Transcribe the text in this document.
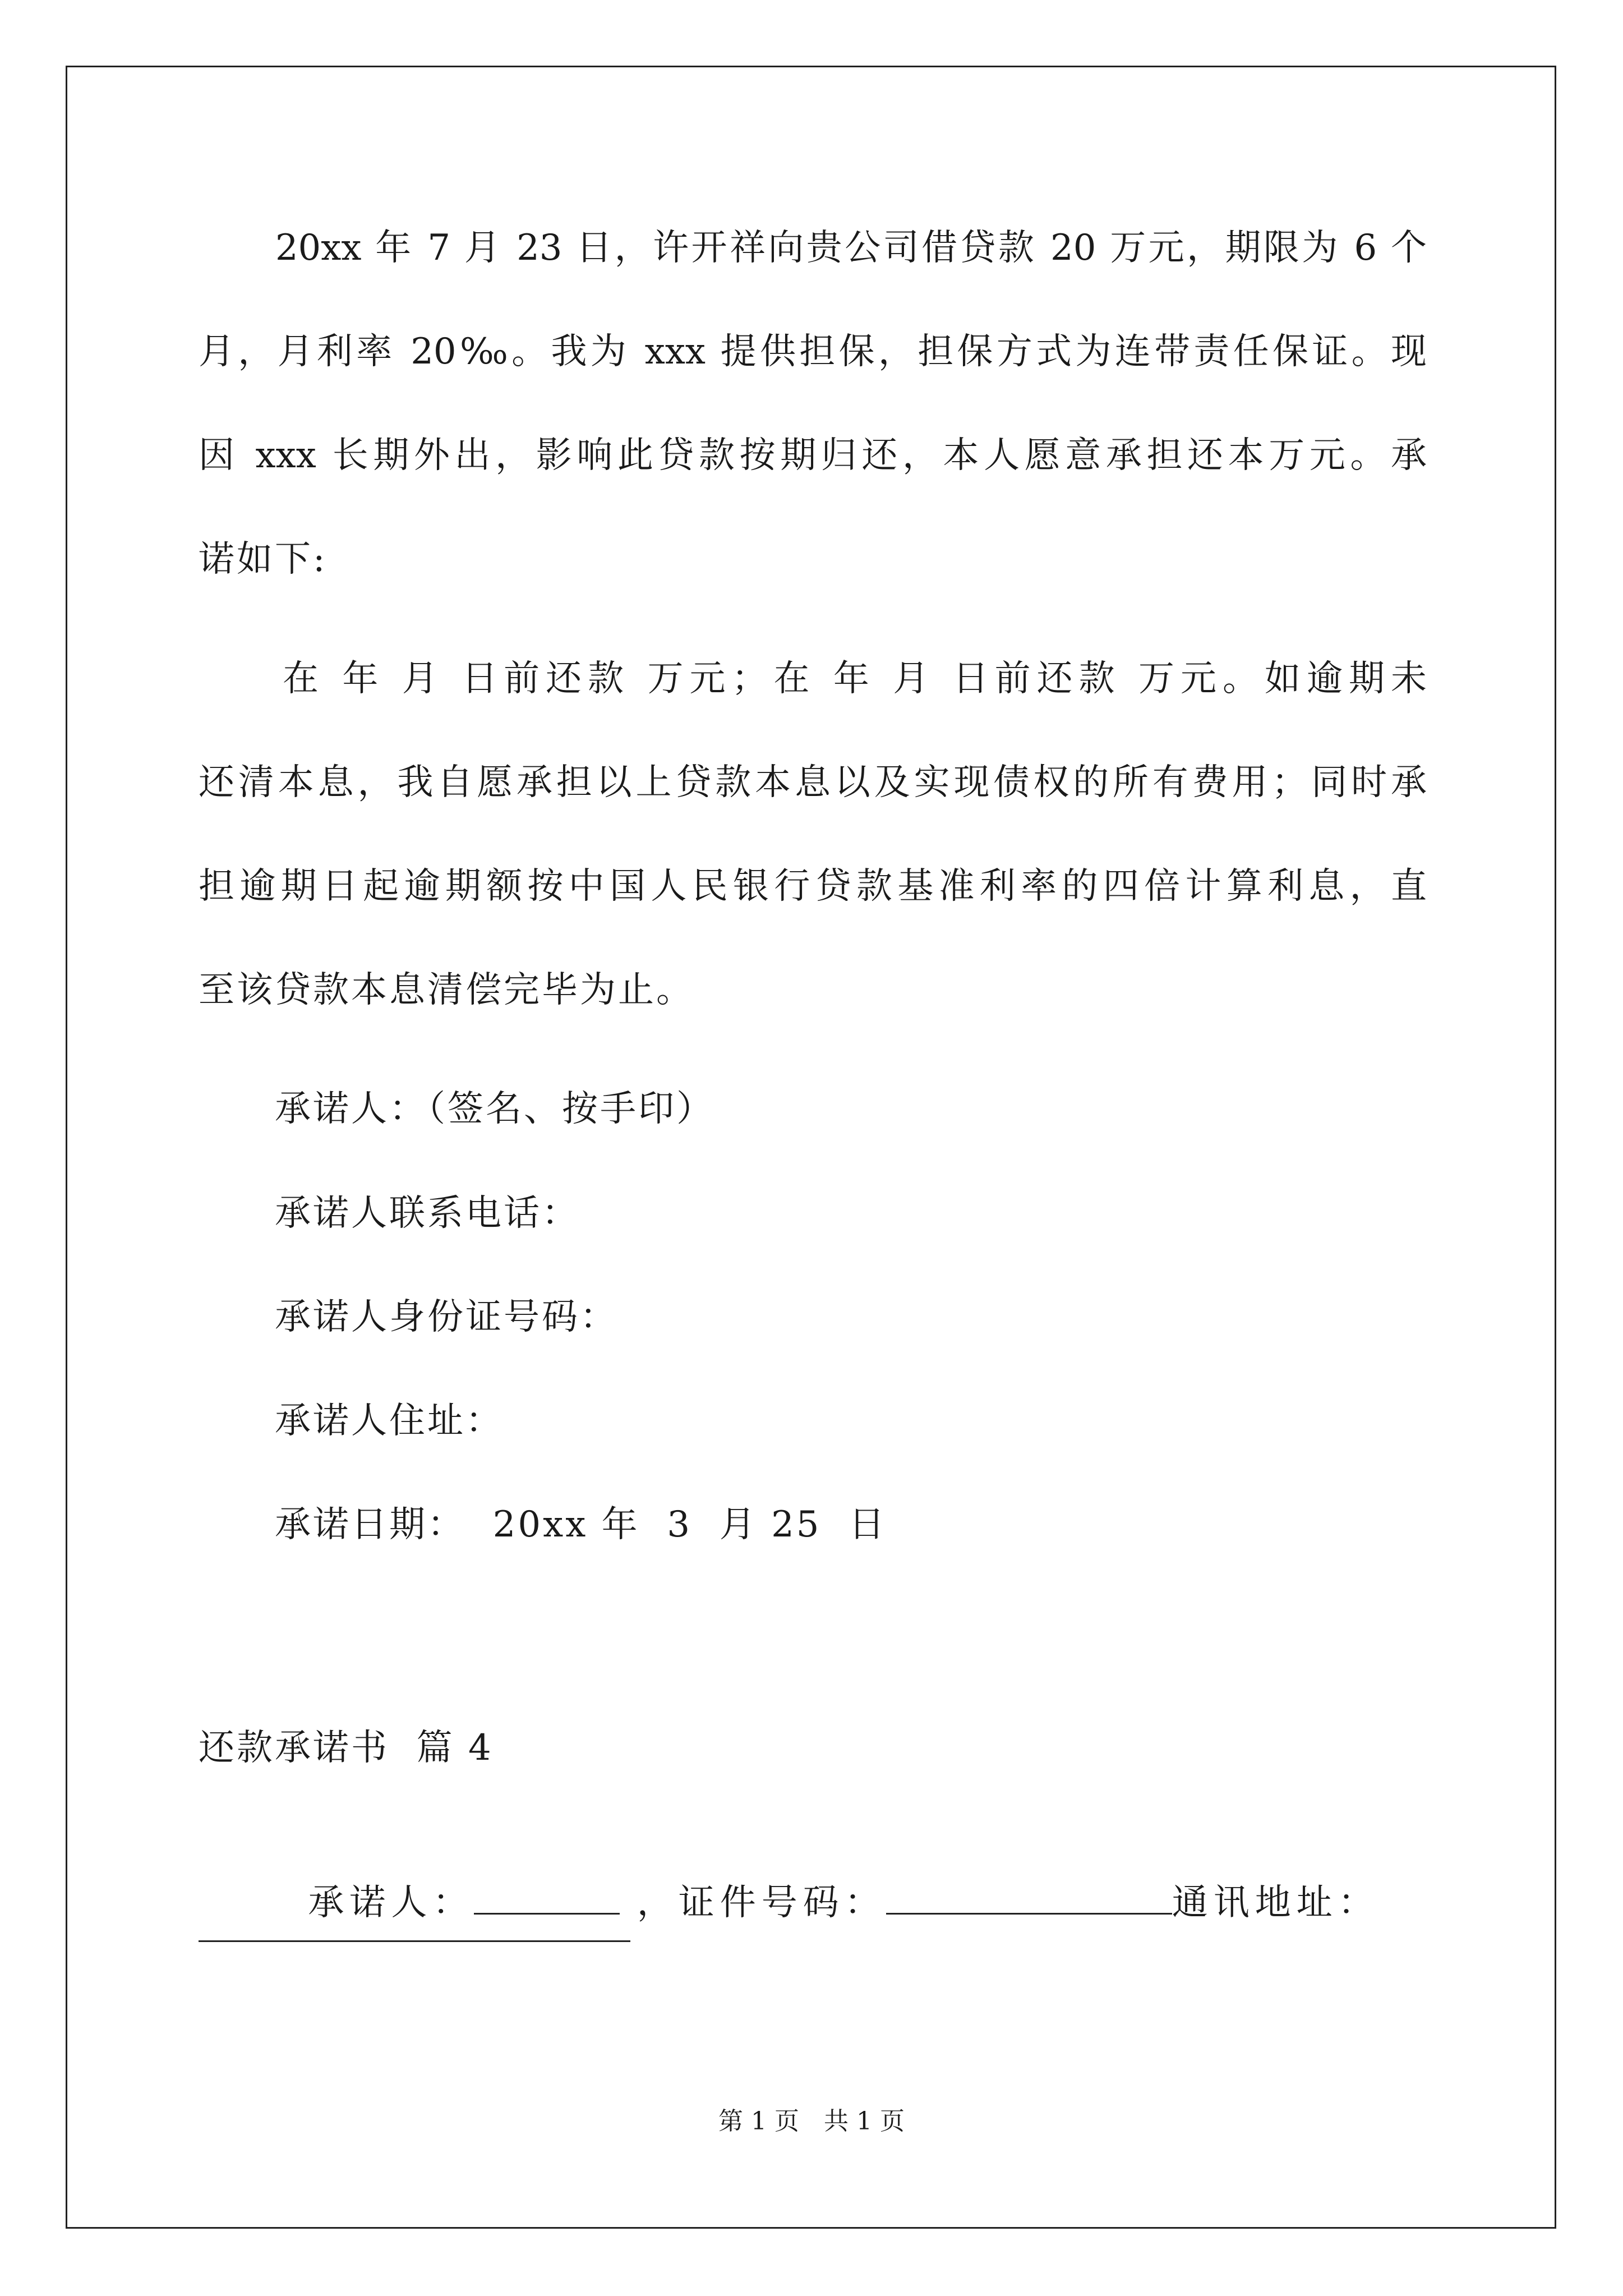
　　20xx 年 7 月 23 日，许开祥向贵公司借贷款 20 万元，期限为 6 个
月，月利率 20‰。我为 xxx 提供担保，担保方式为连带责任保证。现
因 xxx 长期外出，影响此贷款按期归还，本人愿意承担还本万元。承
诺如下:
　　在 年 月 日前还款 万元；在 年 月 日前还款 万元。如逾期未
还清本息，我自愿承担以上贷款本息以及实现债权的所有费用；同时承
担逾期日起逾期额按中国人民银行贷款基准利率的四倍计算利息，直
至该贷款本息清偿完毕为止。
　　承诺人：（签名、按手印）
　　承诺人联系电话：
　　承诺人身份证号码：
　　承诺人住址：
　　承诺日期：  20xx 年  3  月 25  日
还款承诺书  篇 4

　承诺人：	，证件号码：	通讯地址：

第 1 页　共 1 页
